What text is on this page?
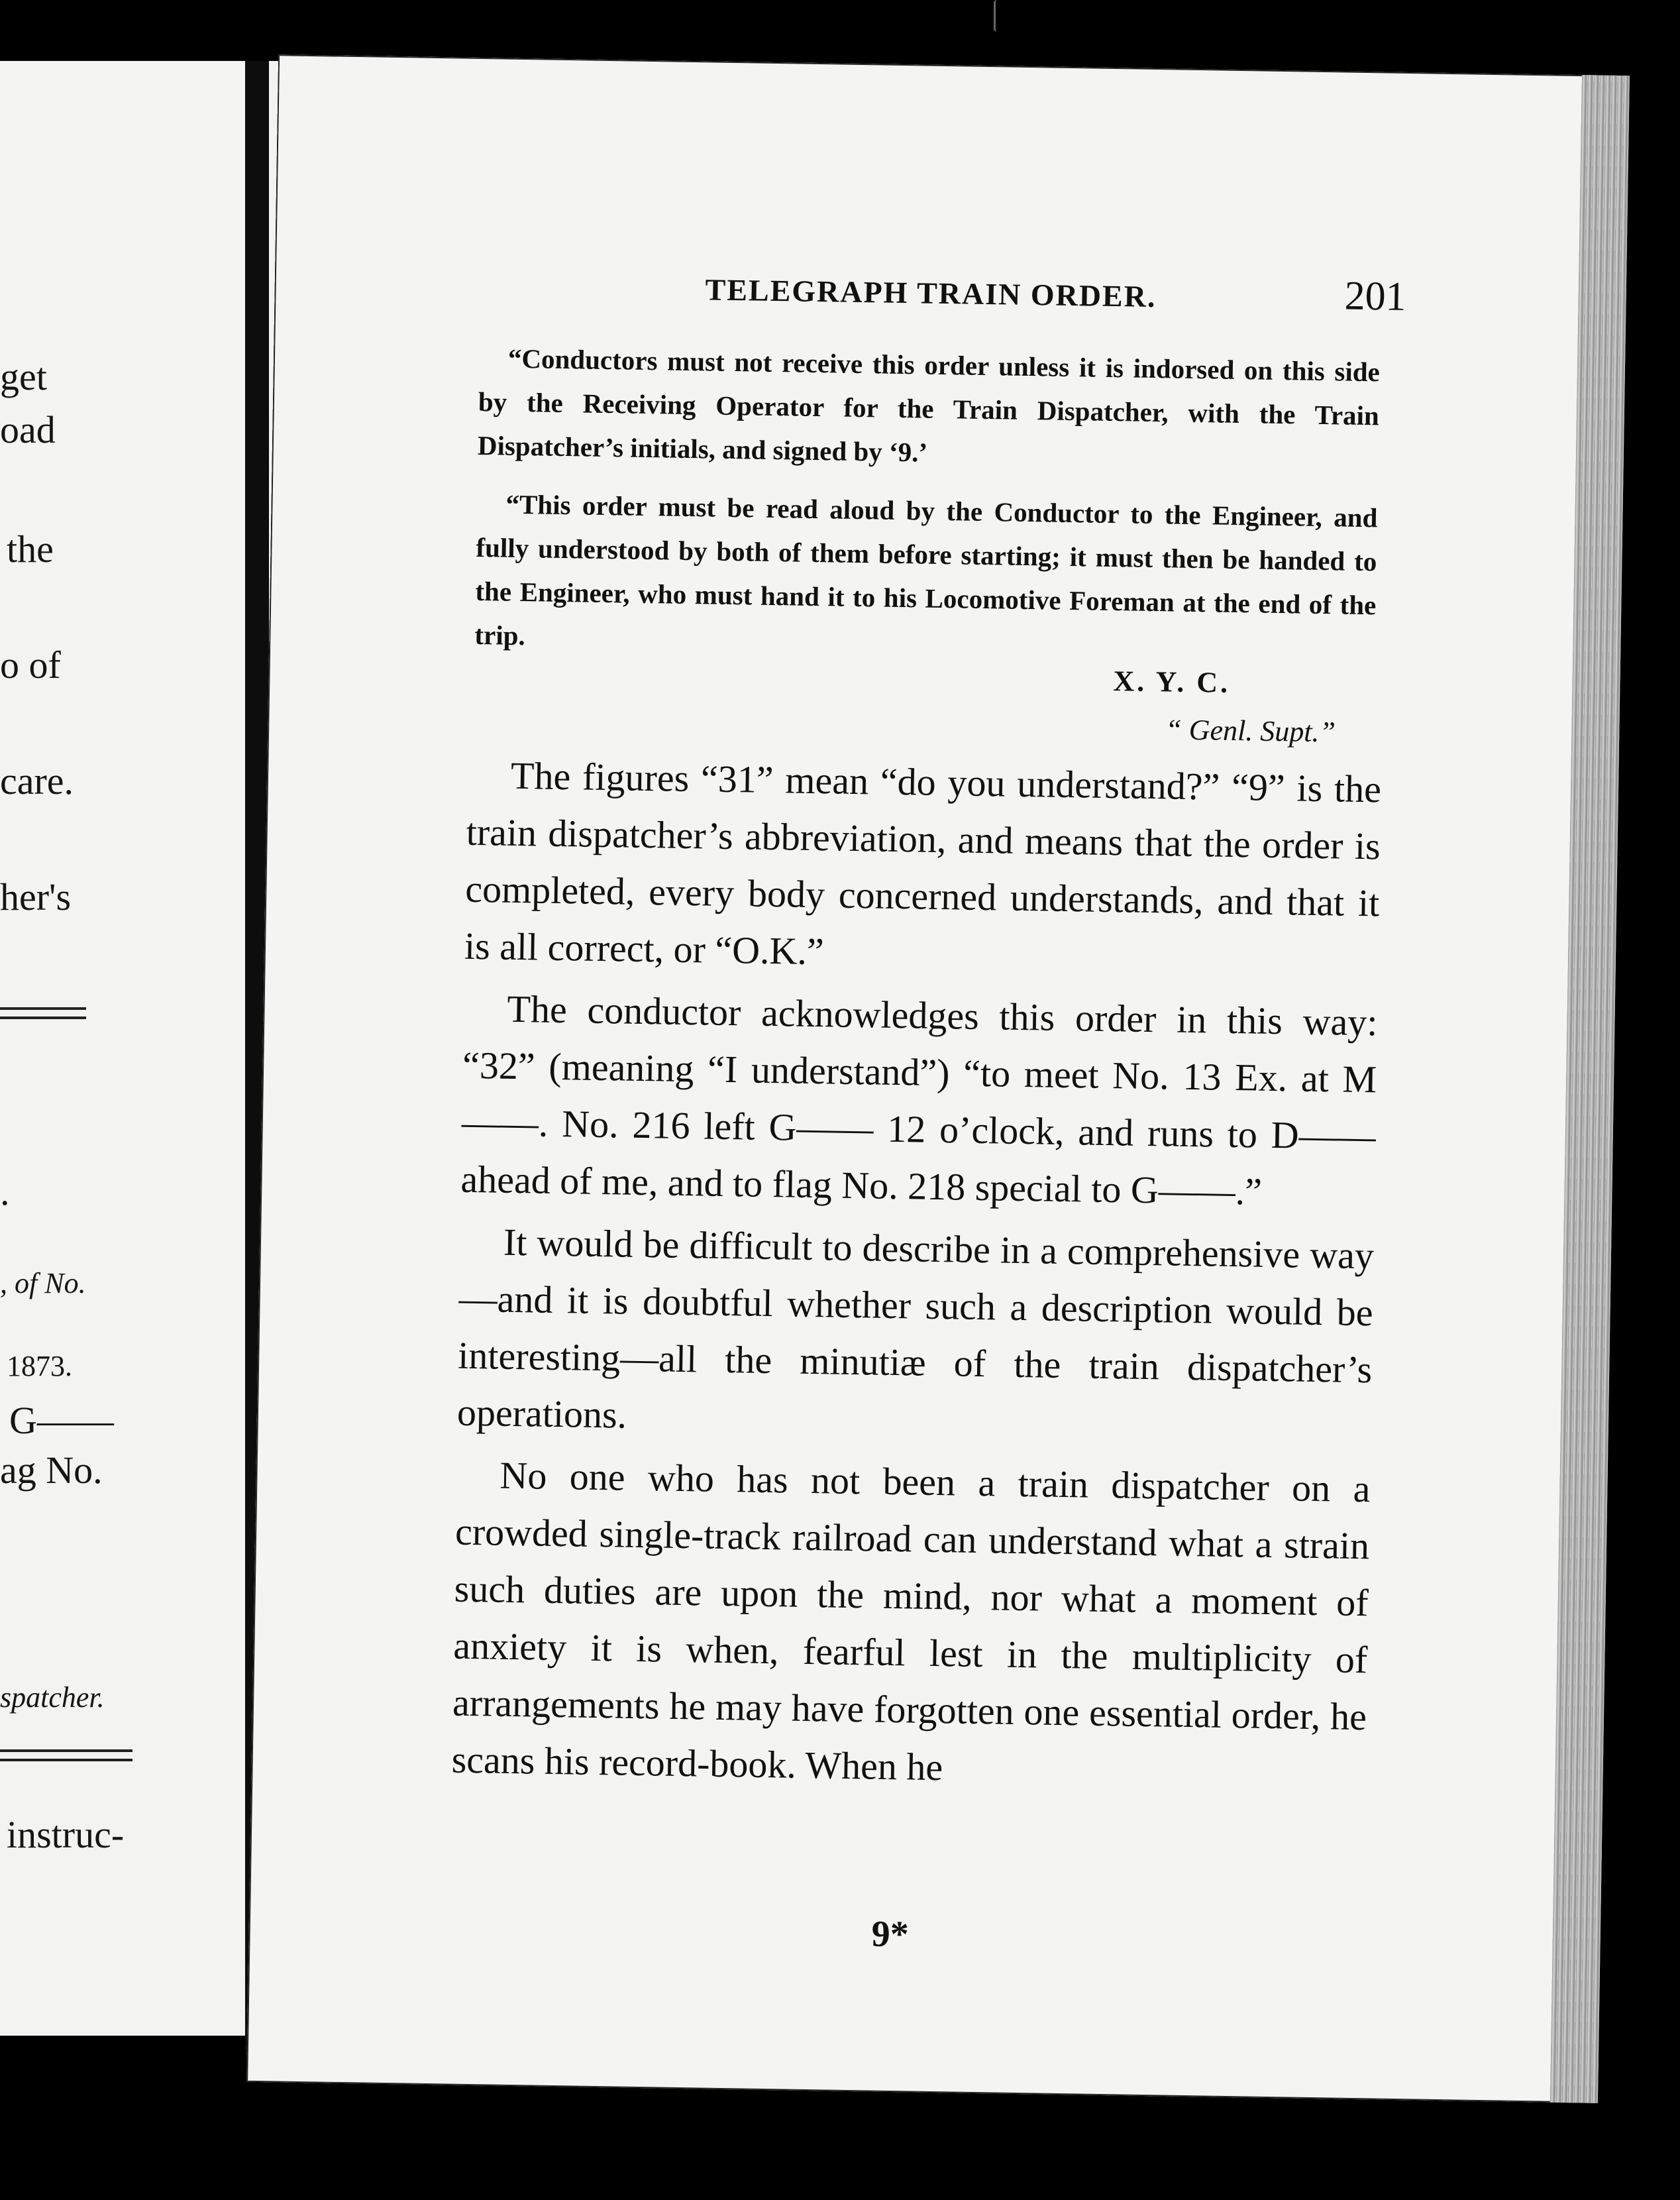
get
oad
the
o of
care.
her's
.
, of No.
1873.
G——
ag No.
spatcher.
instruc-
TELEGRAPH TRAIN ORDER.	201

“Conductors must not receive this order unless it is indorsed on this side by the Receiving Operator for the Train Dispatcher, with the Train Dispatcher’s initials, and signed by ‘9.’

“This order must be read aloud by the Conductor to the Engineer, and fully understood by both of them before starting; it must then be handed to the Engineer, who must hand it to his Locomotive Foreman at the end of the trip.

X. Y. C.
“ Genl. Supt.”

The figures “31” mean “do you understand?” “9” is the train dispatcher’s abbreviation, and means that the order is completed, every body concerned understands, and that it is all correct, or “O.K.”

The conductor acknowledges this order in this way: “32” (meaning “I understand”) “to meet No. 13 Ex. at M——. No. 216 left G—— 12 o’clock, and runs to D—— ahead of me, and to flag No. 218 special to G——.”

It would be difficult to describe in a comprehensive way—and it is doubtful whether such a description would be interesting—all the minutiæ of the train dispatcher’s operations.

No one who has not been a train dispatcher on a crowded single-track railroad can understand what a strain such duties are upon the mind, nor what a moment of anxiety it is when, fearful lest in the multiplicity of arrangements he may have forgotten one essential order, he scans his record-book. When he

9*
